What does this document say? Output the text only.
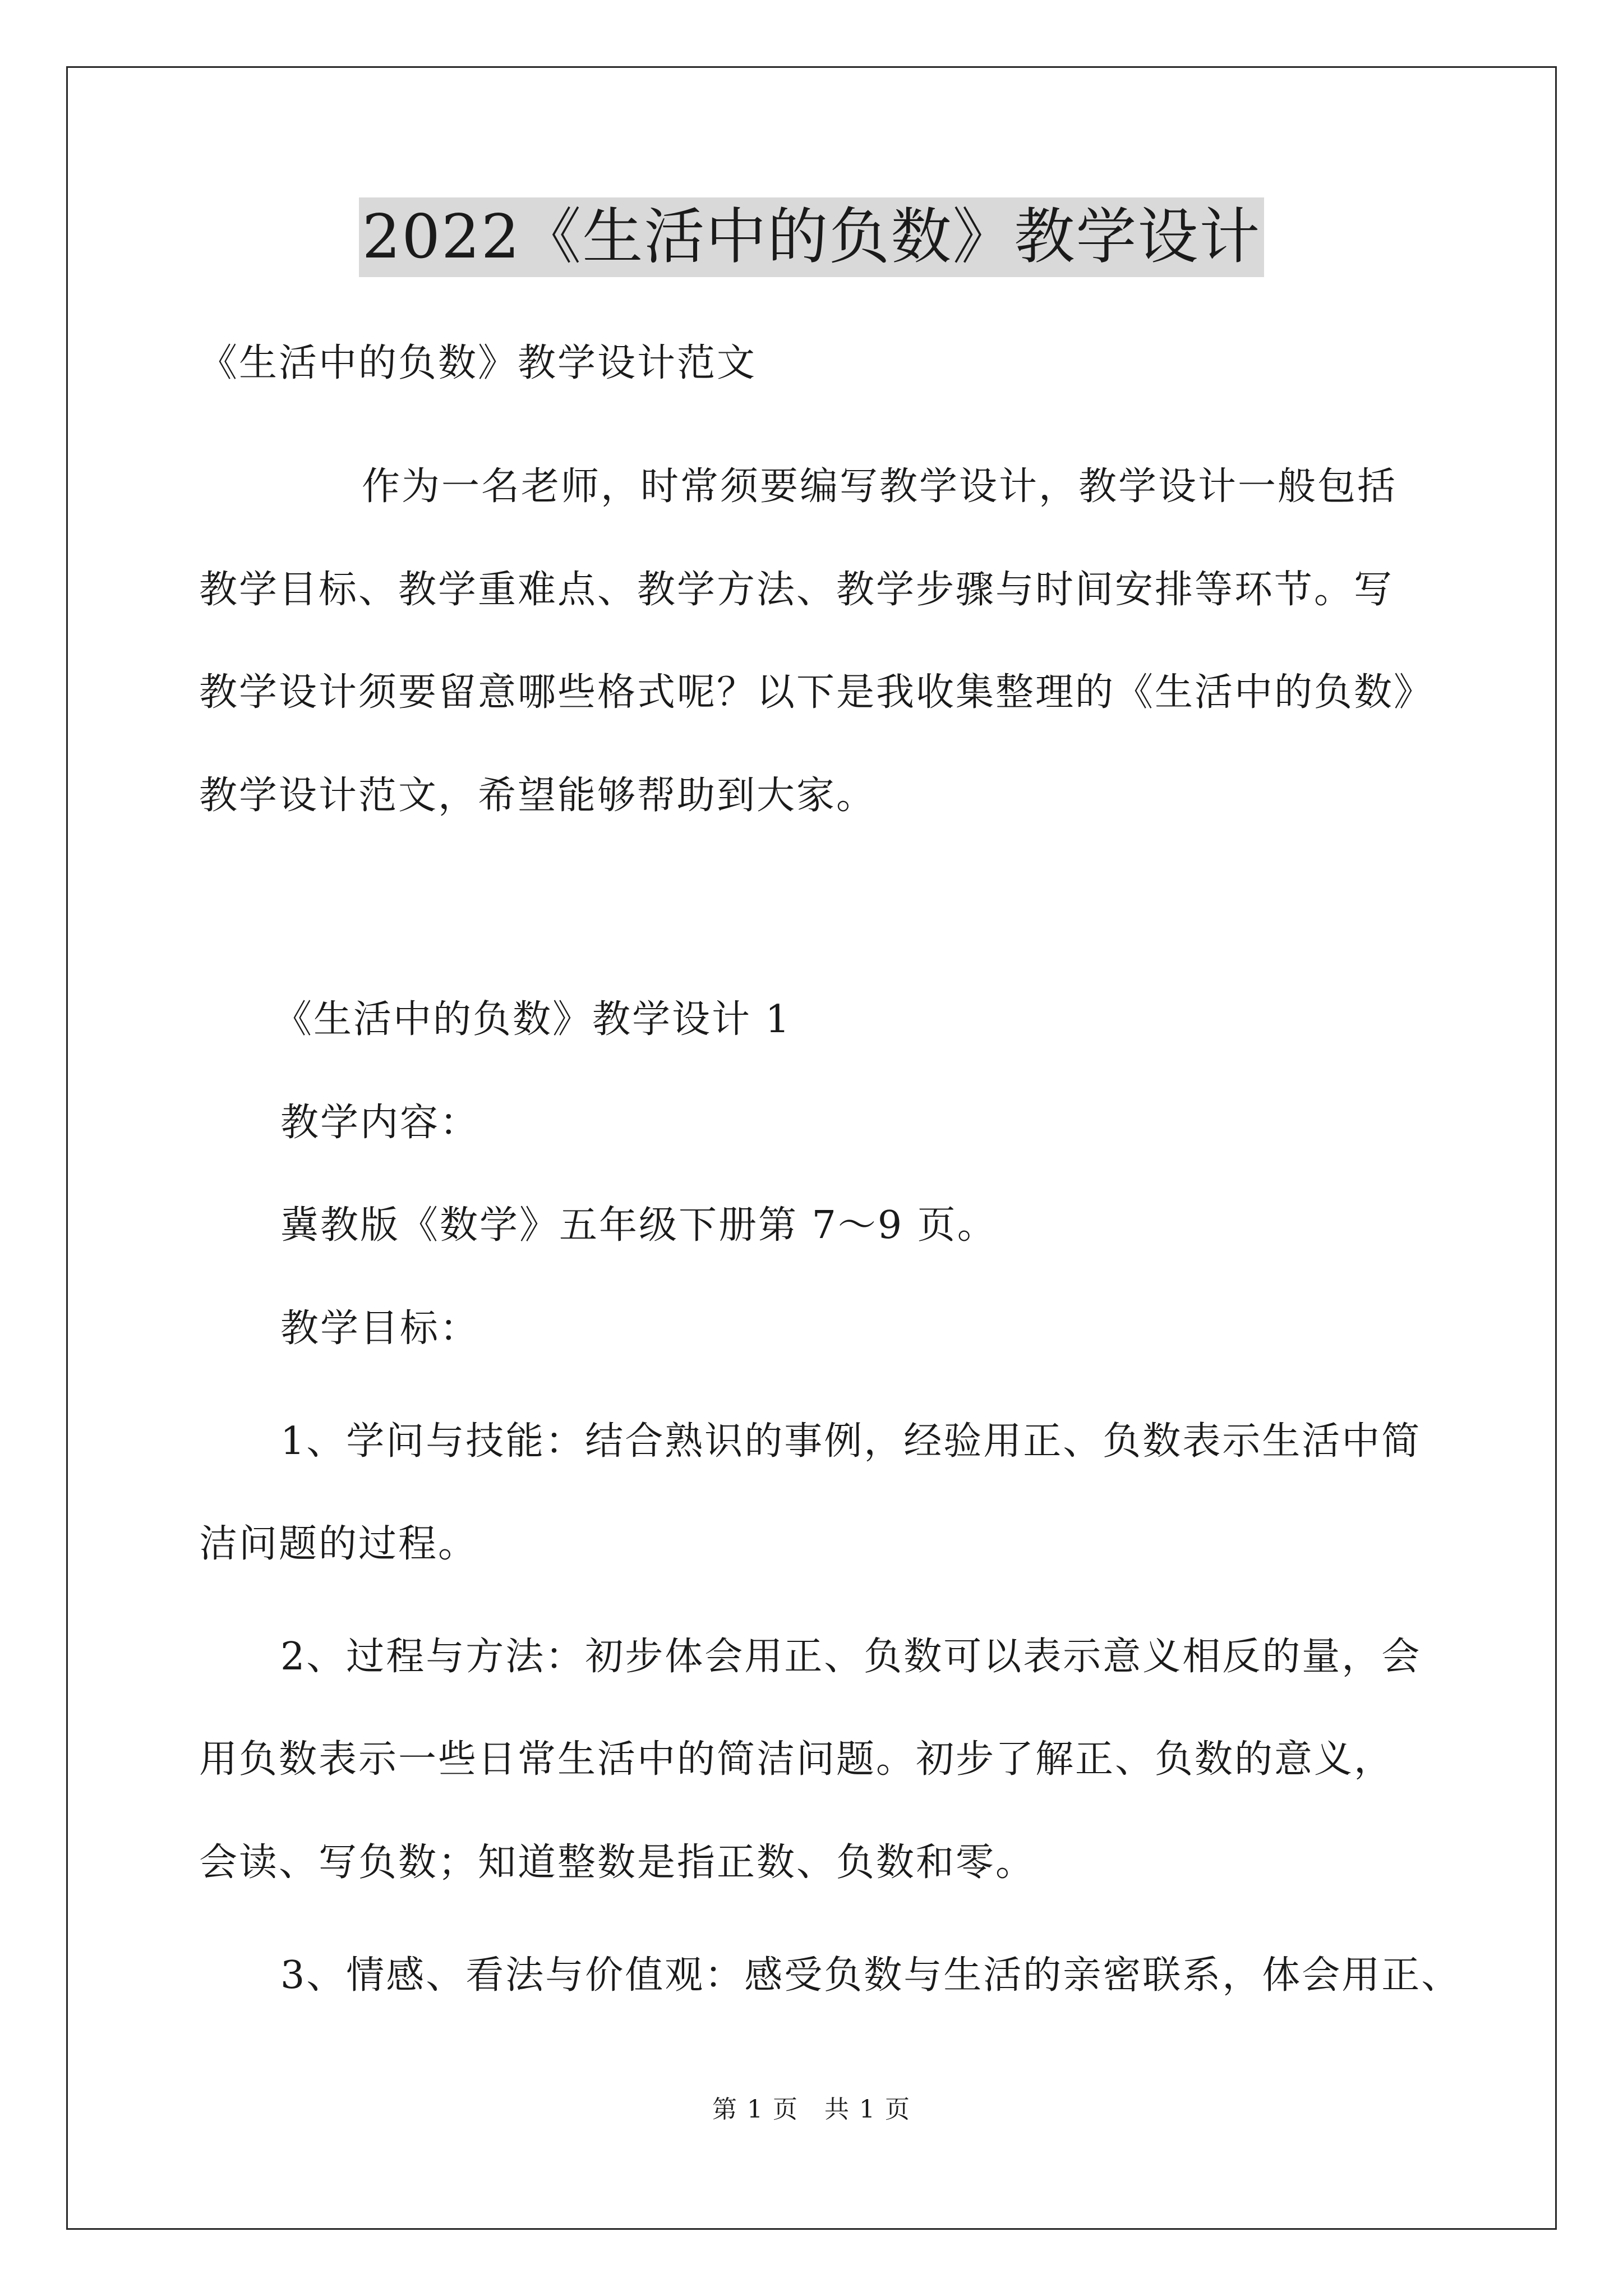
2022《生活中的负数》教学设计

《生活中的负数》教学设计范文

作为一名老师，时常须要编写教学设计，教学设计一般包括

教学目标、教学重难点、教学方法、教学步骤与时间安排等环节。写

教学设计须要留意哪些格式呢？以下是我收集整理的《生活中的负数》

教学设计范文，希望能够帮助到大家。

《生活中的负数》教学设计 1

教学内容：

冀教版《数学》五年级下册第 7～9 页。

教学目标：

1、学问与技能：结合熟识的事例，经验用正、负数表示生活中简

洁问题的过程。

2、过程与方法：初步体会用正、负数可以表示意义相反的量，会

用负数表示一些日常生活中的简洁问题。初步了解正、负数的意义，

会读、写负数；知道整数是指正数、负数和零。

3、情感、看法与价值观：感受负数与生活的亲密联系，体会用正、

第 1 页　共 1 页
